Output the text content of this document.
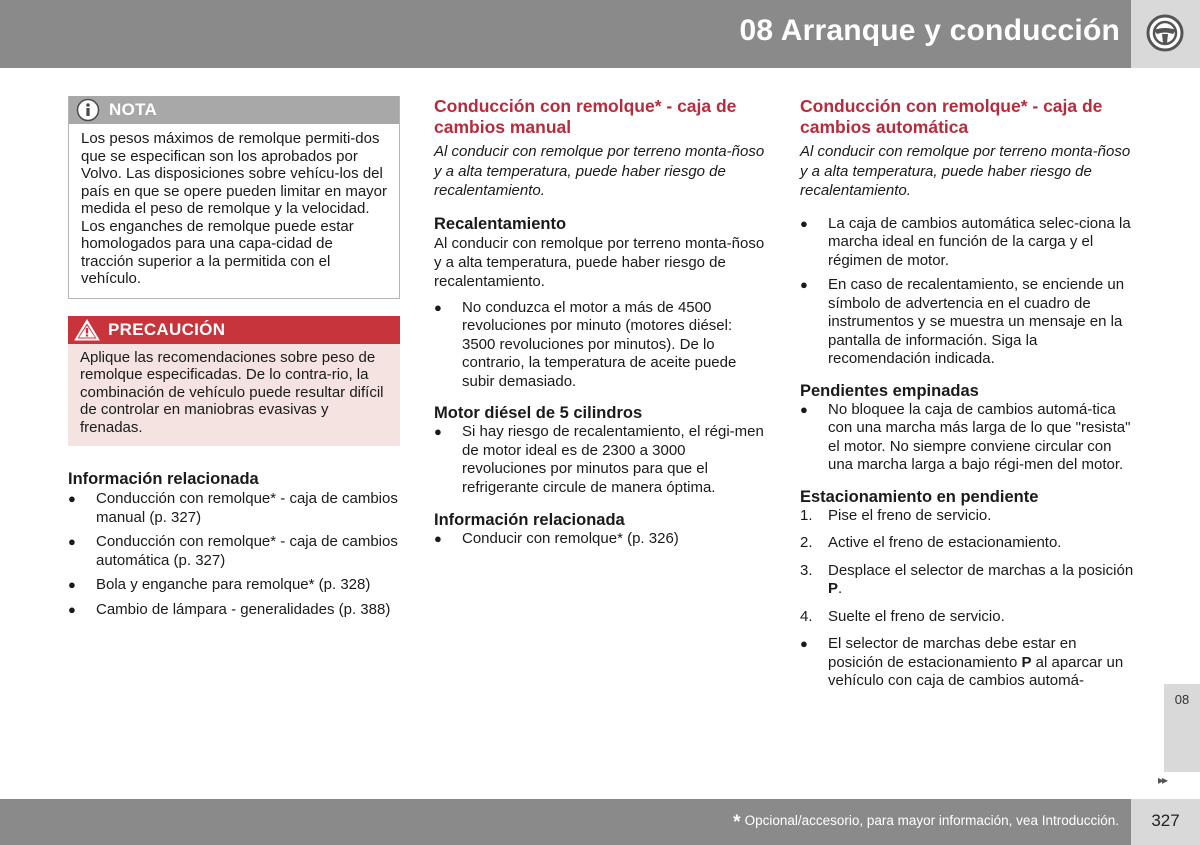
08 Arranque y conducción
NOTA
Los pesos máximos de remolque permiti-dos que se especifican son los aprobados por Volvo. Las disposiciones sobre vehícu-los del país en que se opere pueden limitar en mayor medida el peso de remolque y la velocidad. Los enganches de remolque puede estar homologados para una capa-cidad de tracción superior a la permitida con el vehículo.
PRECAUCIÓN
Aplique las recomendaciones sobre peso de remolque especificadas. De lo contra-rio, la combinación de vehículo puede resultar difícil de controlar en maniobras evasivas y frenadas.
Información relacionada
●	Conducción con remolque* - caja de cambios manual (p. 327)
●	Conducción con remolque* - caja de cambios automática (p. 327)
●	Bola y enganche para remolque* (p. 328)
●	Cambio de lámpara - generalidades (p. 388)
Conducción con remolque* - caja de cambios manual

Al conducir con remolque por terreno monta-ñoso y a alta temperatura, puede haber riesgo de recalentamiento.

Recalentamiento

Al conducir con remolque por terreno monta-ñoso y a alta temperatura, puede haber riesgo de recalentamiento.

●	No conduzca el motor a más de 4500 revoluciones por minuto (motores diésel: 3500 revoluciones por minutos). De lo contrario, la temperatura de aceite puede subir demasiado.
Motor diésel de 5 cilindros
●	Si hay riesgo de recalentamiento, el régi-men de motor ideal es de 2300 a 3000 revoluciones por minutos para que el refrigerante circule de manera óptima.
Información relacionada
●	Conducir con remolque* (p. 326)
Conducción con remolque* - caja de cambios automática

Al conducir con remolque por terreno monta-ñoso y a alta temperatura, puede haber riesgo de recalentamiento.

●	La caja de cambios automática selec-ciona la marcha ideal en función de la carga y el régimen de motor.
●	En caso de recalentamiento, se enciende un símbolo de advertencia en el cuadro de instrumentos y se muestra un mensaje en la pantalla de información. Siga la recomendación indicada.
Pendientes empinadas
●	No bloquee la caja de cambios automá-tica con una marcha más larga de lo que "resista" el motor. No siempre conviene circular con una marcha larga a bajo régi-men del motor.
Estacionamiento en pendiente
1.	Pise el freno de servicio.
2.	Active el freno de estacionamiento.
3.	Desplace el selector de marchas a la posición P.
4.	Suelte el freno de servicio.
●	El selector de marchas debe estar en posición de estacionamiento P al aparcar un vehículo con caja de cambios automá-
08
▸▸
* Opcional/accesorio, para mayor información, vea Introducción.	327
